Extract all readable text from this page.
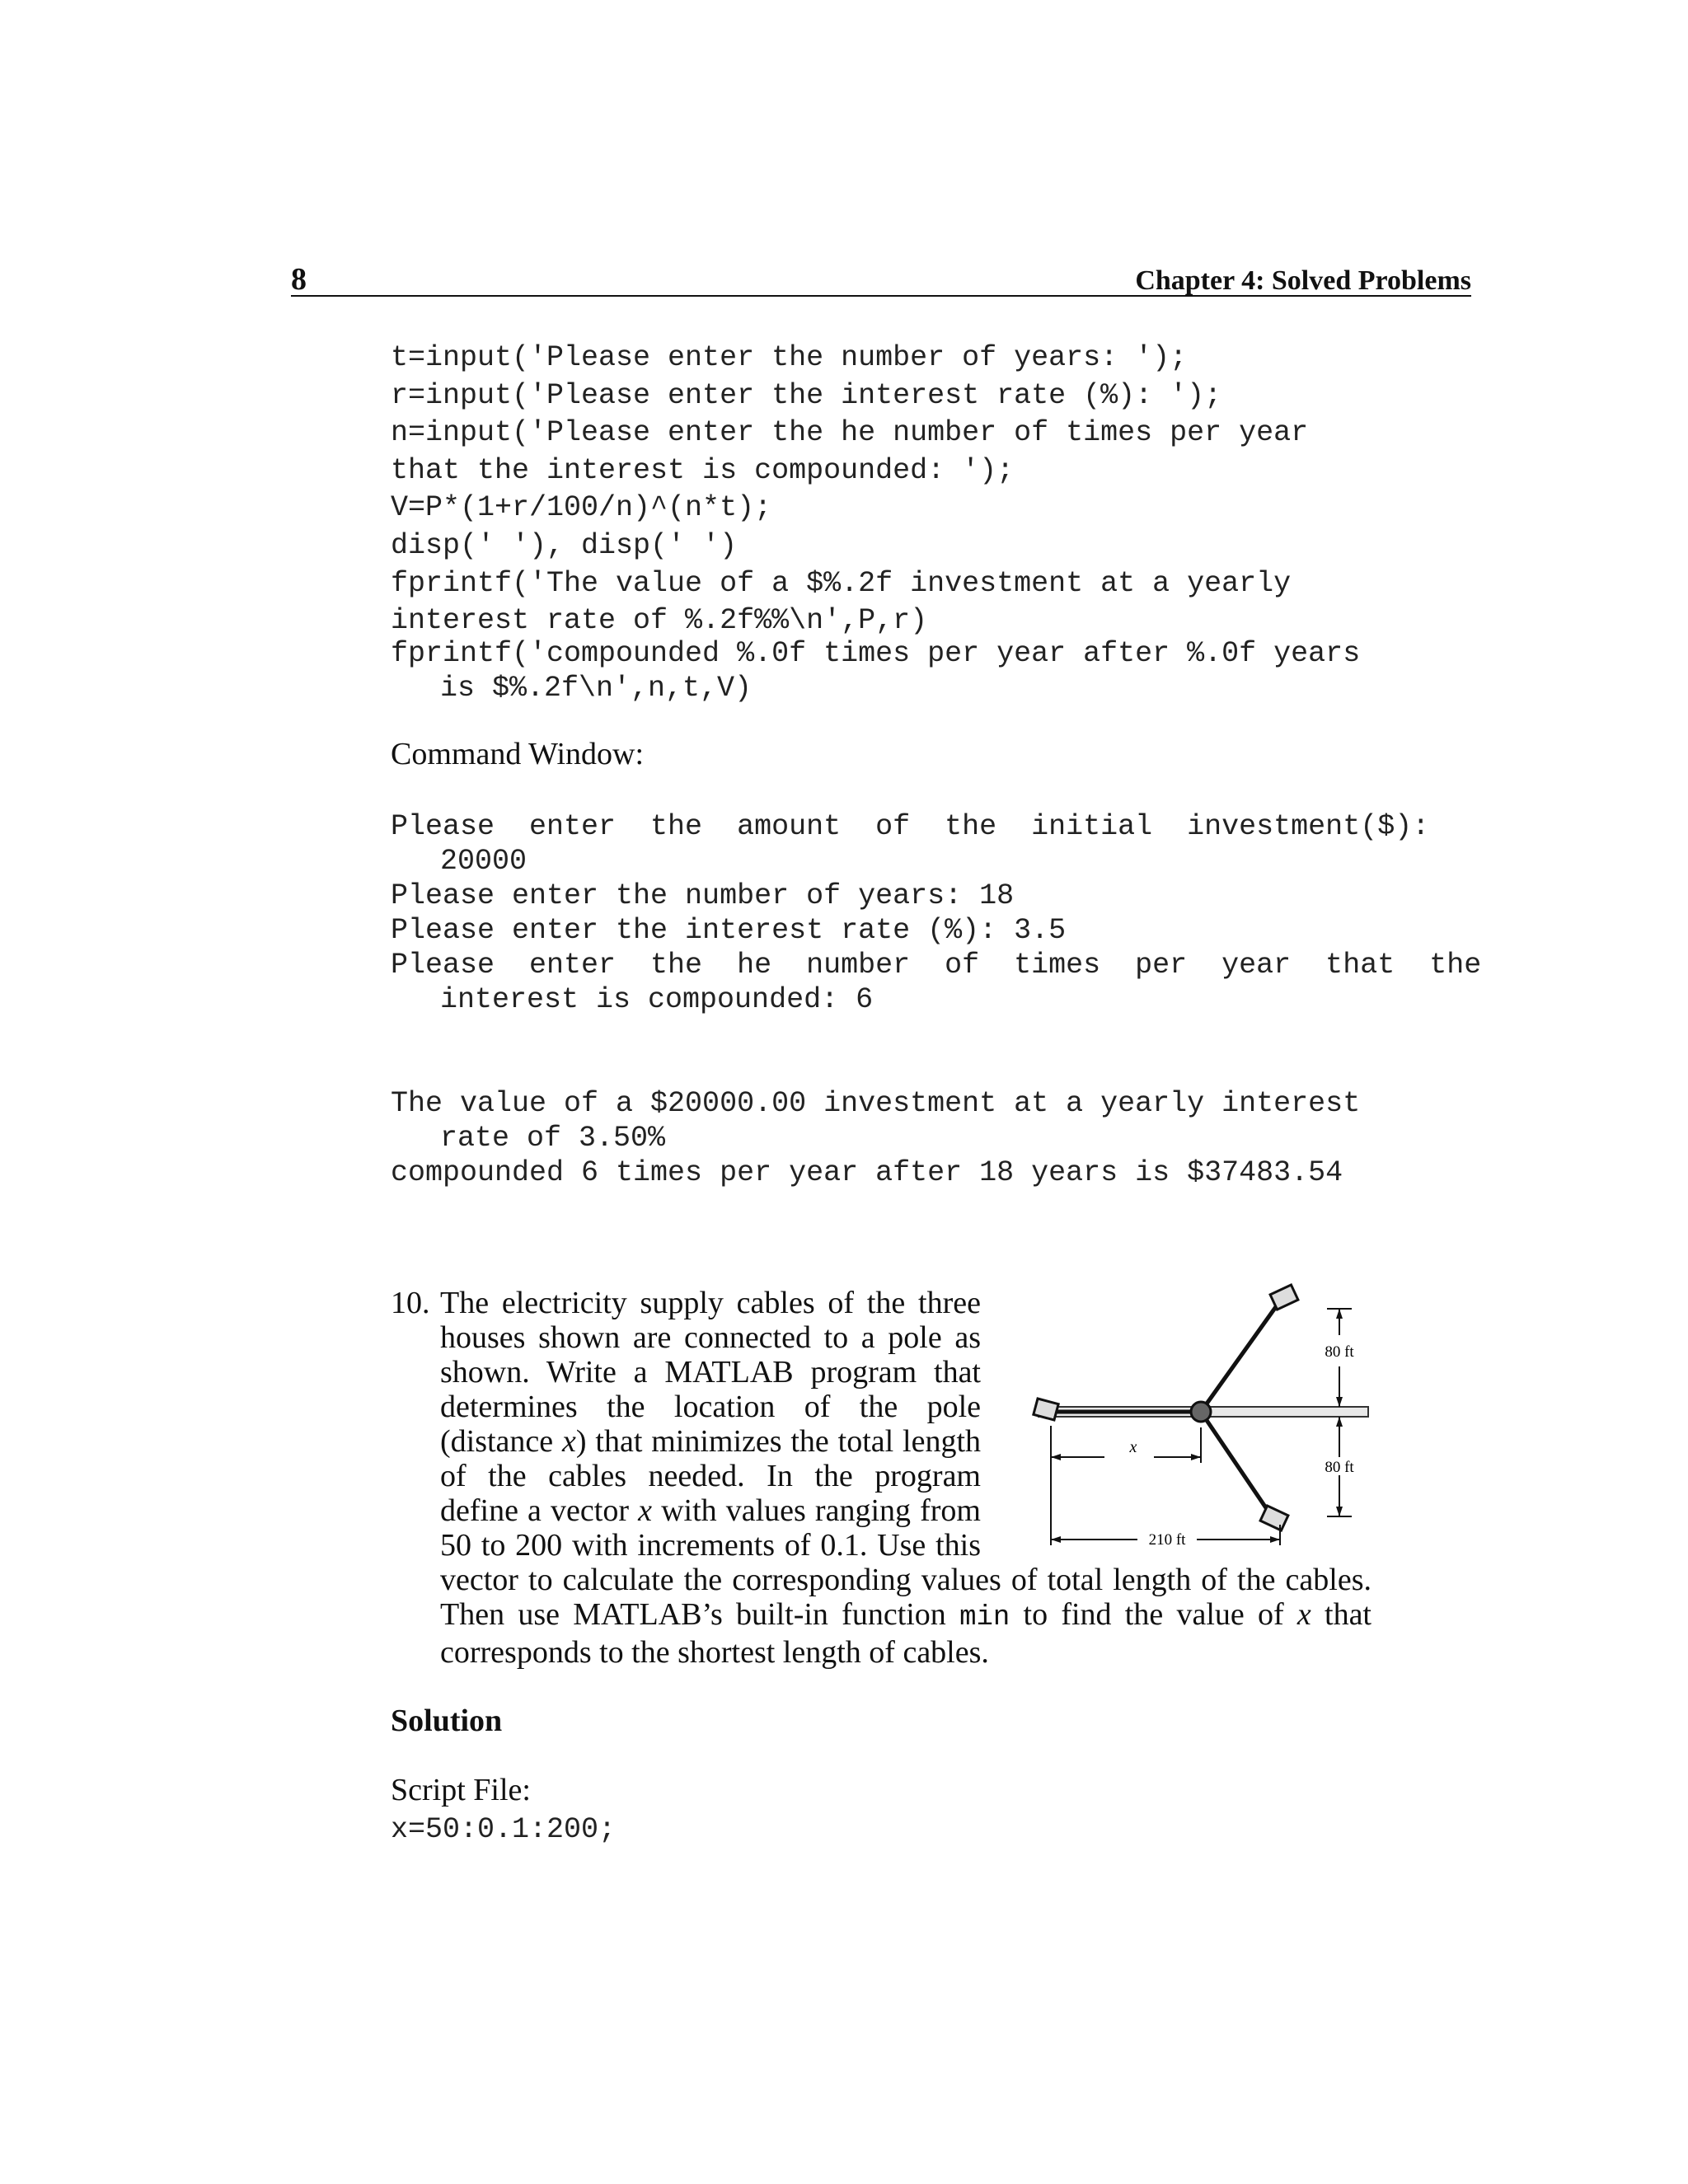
8	Chapter 4: Solved Problems
t=input('Please enter the number of years: ');
r=input('Please enter the interest rate (%): ');
n=input('Please enter the he number of times per year
that the interest is compounded: ');
V=P*(1+r/100/n)^(n*t);
disp(' '), disp(' ')
fprintf('The value of a $%.2f investment at a yearly
interest rate of %.2f%%\n',P,r)
fprintf('compounded %.0f times per year after %.0f years
is $%.2f\n',n,t,V)
Command Window:
Please  enter  the  amount  of  the  initial  investment($):
20000
Please enter the number of years: 18
Please enter the interest rate (%): 3.5
Please  enter  the  he  number  of  times  per  year  that  the
interest is compounded: 6
The value of a $20000.00 investment at a yearly interest
rate of 3.50%
compounded 6 times per year after 18 years is $37483.54
10. The electricity supply cables of the three houses shown are connected to a pole as shown. Write a MATLAB program that determines the location of the pole (distance x) that minimizes the total length of the cables needed. In the program define a vector x with values ranging from 50 to 200 with increments of 0.1. Use this vector to calculate the corresponding values of total length of the cables. Then use MATLAB’s built-in function min to find the value of x that corresponds to the shortest length of cables.
80 ft
80 ft
x
210 ft
Solution
Script File:
x=50:0.1:200;
